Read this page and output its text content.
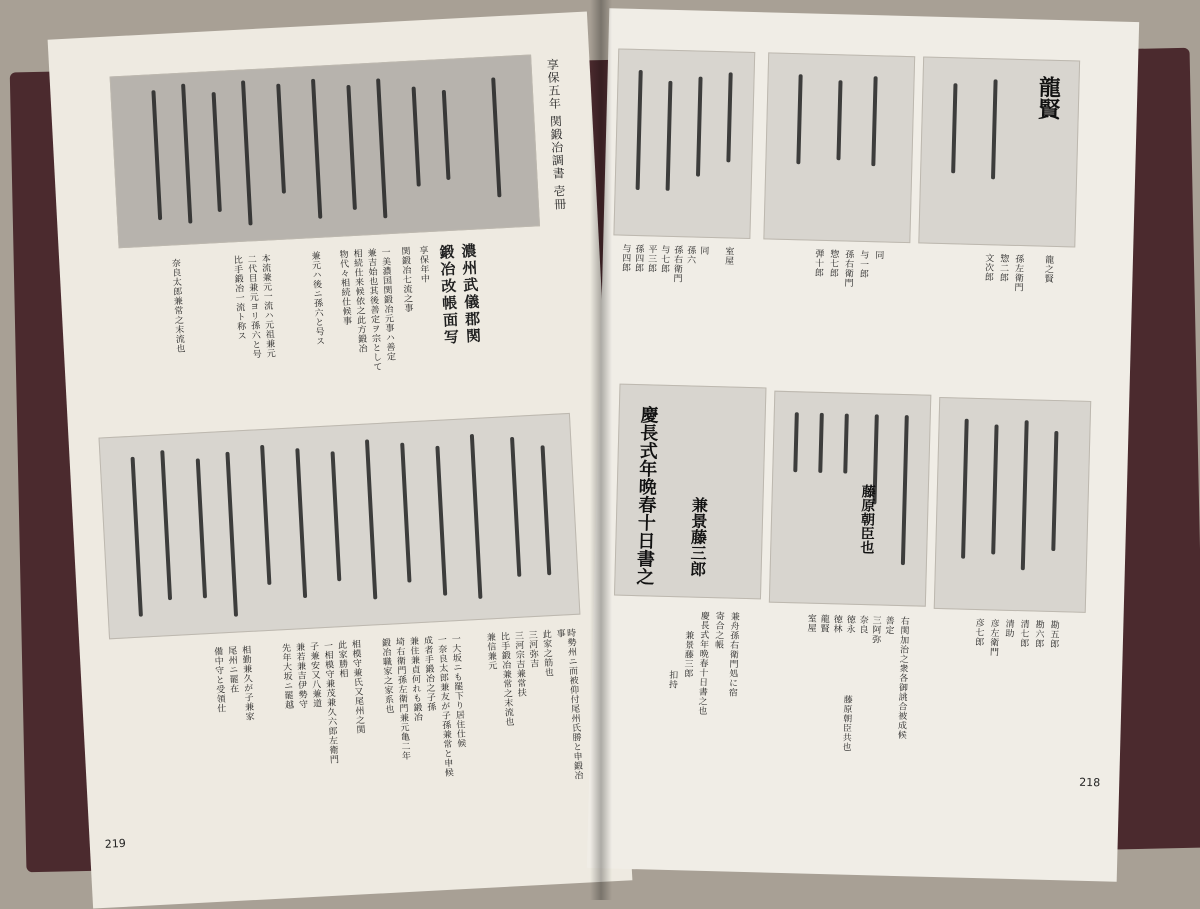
享保五年 関鍛冶調書 壱冊
濃州武儀郡関
鍛冶改帳面写
享保年中
関鍛冶七流之事
一美濃国関鍛冶元事ハ善定
兼吉始也其後善定ヲ宗として
相続仕来候依之此方鍛冶
物代々相続仕候事
兼元ハ後ニ孫六と号ス
本流兼元一流ハ元祖兼元
二代目兼元ヨリ孫六と号
比手鍛冶一流ト称ス
奈良太郎兼常之末流也
時勢州ニ而被仰付尾州氏勝と申鍛冶事
此家之筋也
三河弥吉
三河宗吉兼常扶
比手鍛冶兼常之末流也
兼信兼元
一大坂ニも罷下り居住仕候
一奈良太郎兼友が子孫兼常と申候
成者手鍛冶之子孫
兼住兼貞何れも鍛冶
埼右衛門孫左衛門兼元亀二年
鍛冶職家之家系也
相模守兼氏又尾州之関
此家勝相
一相模守兼茂兼久六郎左衛門
子兼安又八兼道
兼若兼吉伊勢守
先年大坂ニ罷越
相勤兼久が子兼家
尾州ニ罷在
備中守と受領仕
219
龍賢
室屋
同
孫六
孫右衛門
与七郎
平三郎
孫四郎
与四郎	同
与一郎
孫右衛門
惣七郎
弾十郎	龍之賢
孫左衛門
惣二郎
文次郎
慶長式年晩春十日書之 兼景藤三郎	藤原朝臣也
兼舟孫右衛門処に宿
寄合之帳
慶長式年晩春十日書之也
兼景藤三郎
扣持	右関加治之衆各御誂合被成候
善定
三阿弥
奈良
徳永
徳林
龍賢
室屋
藤原朝臣共也
勘五郎
勘六郎
清七郎
清助
彦左衛門
彦七郎
218
